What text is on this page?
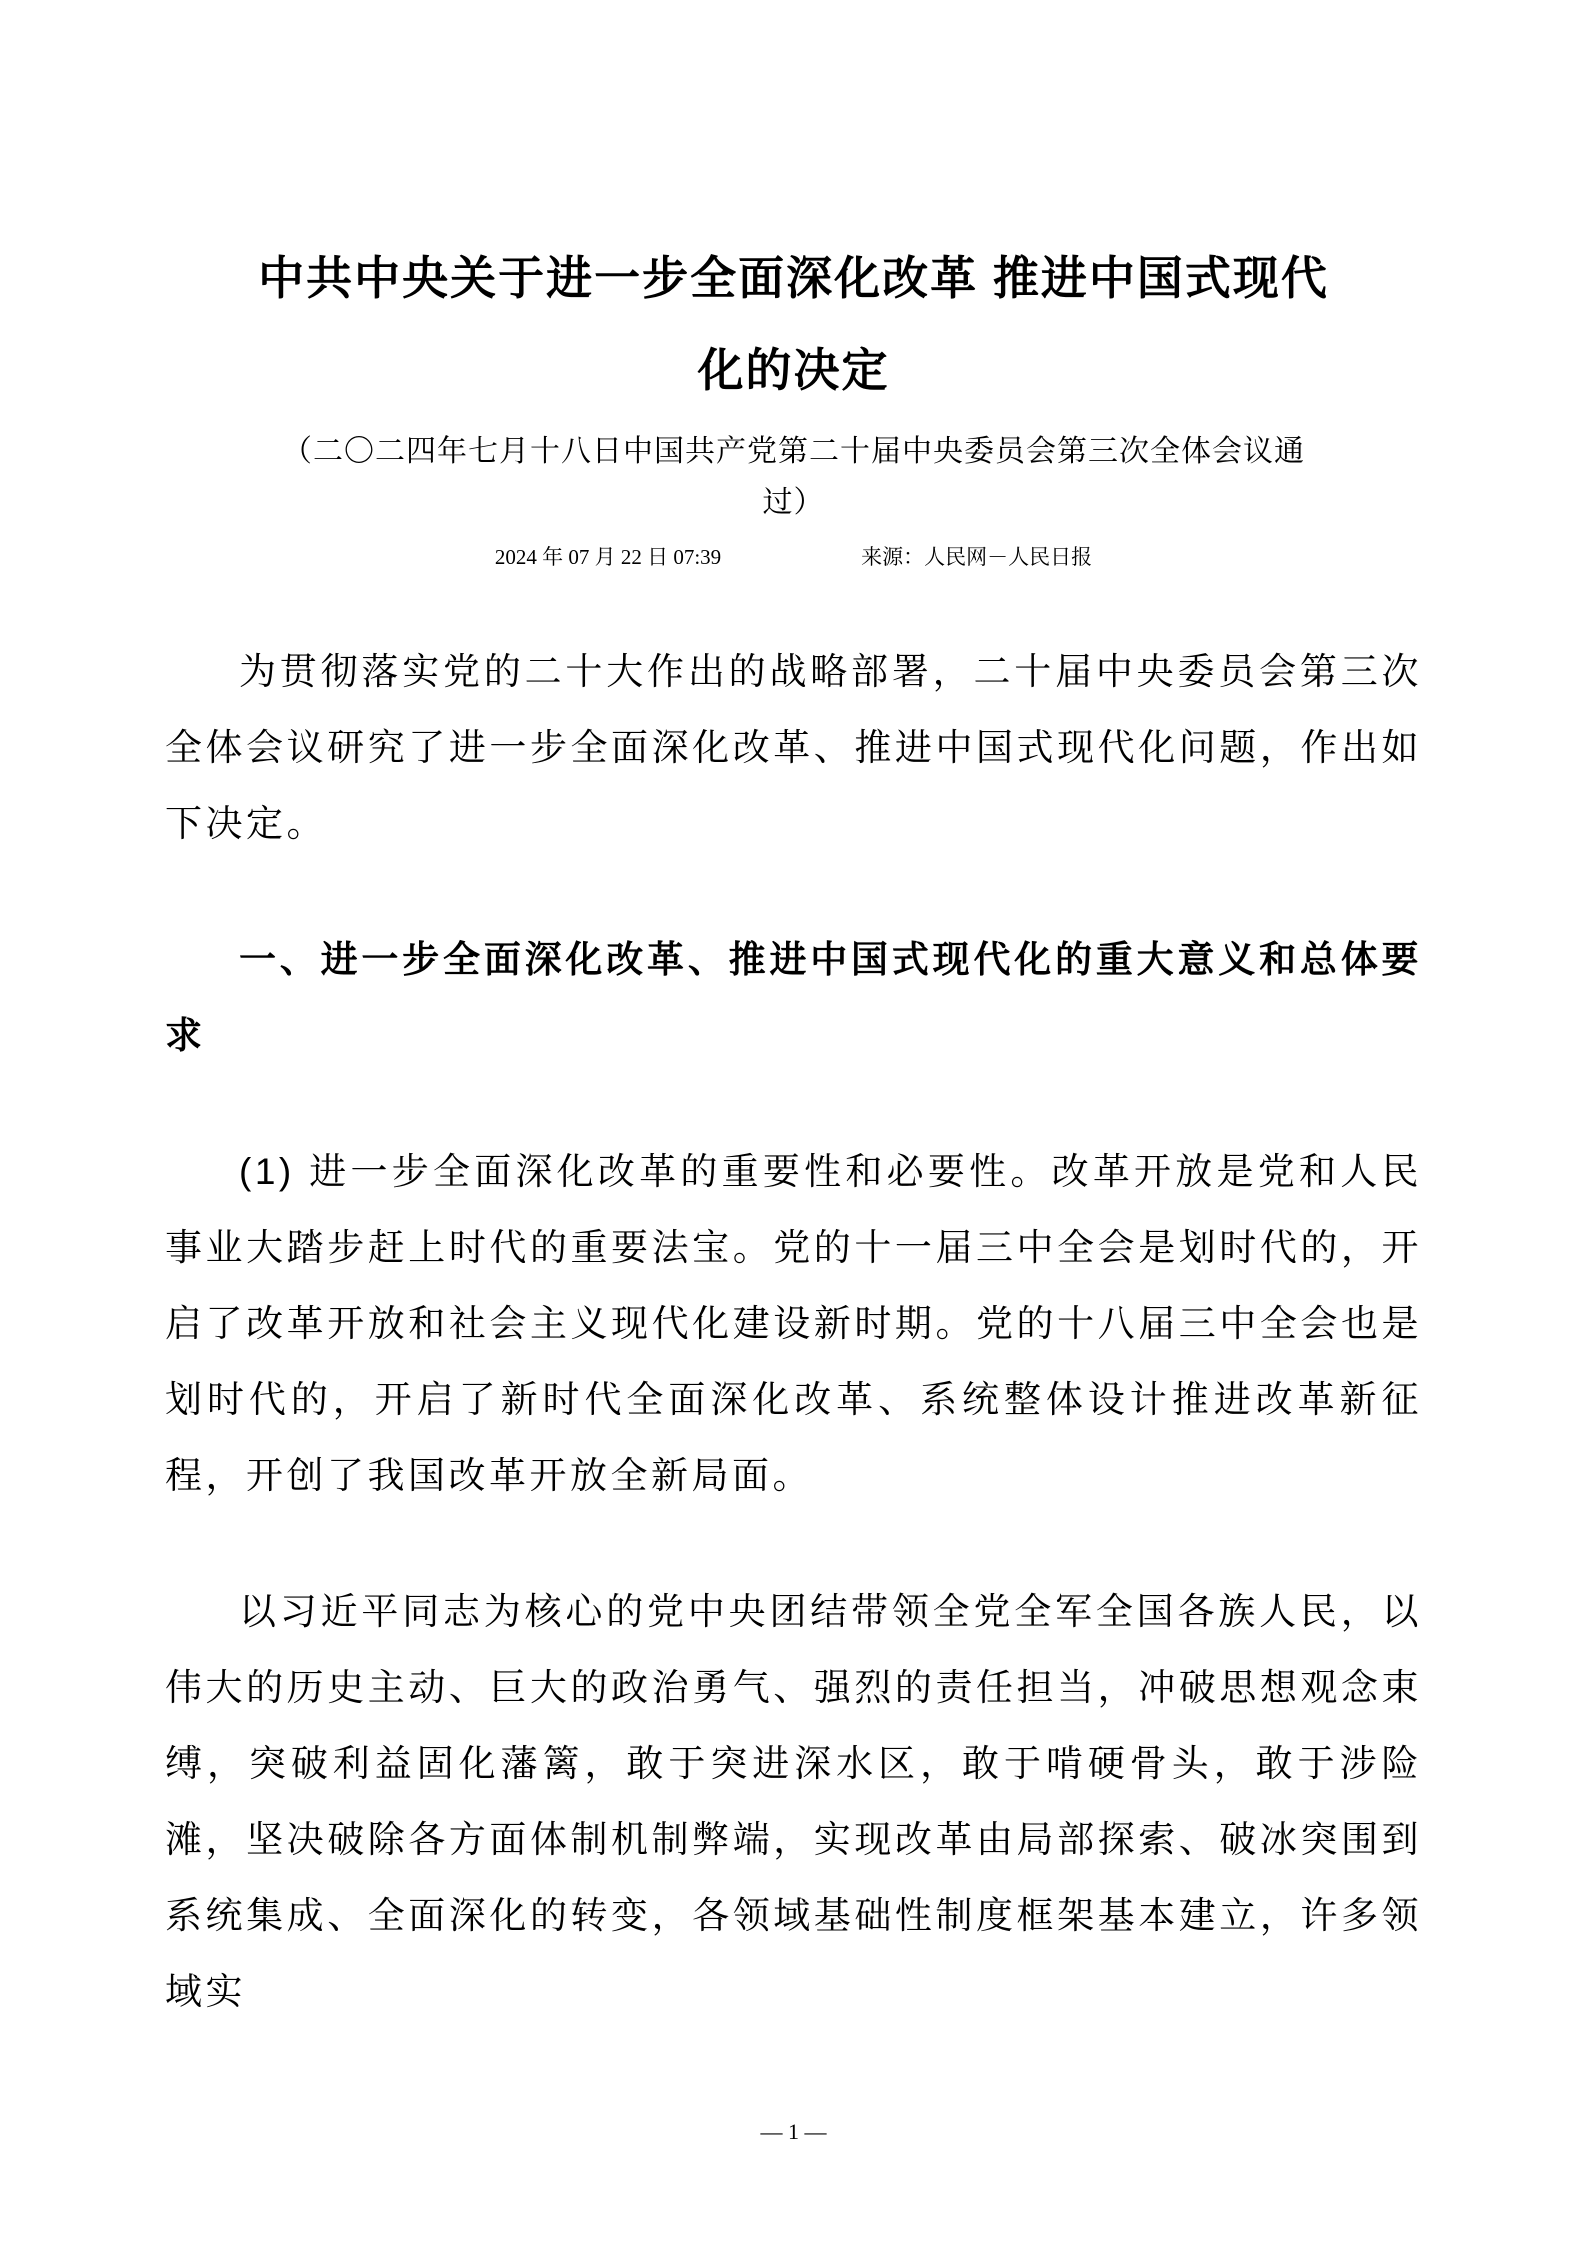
中共中央关于进一步全面深化改革 推进中国式现代
化的决定
（二〇二四年七月十八日中国共产党第二十届中央委员会第三次全体会议通
过）
2024 年 07 月 22 日 07:39	来源：人民网－人民日报

为贯彻落实党的二十大作出的战略部署，二十届中央委员会第三次全体会议研究了进一步全面深化改革、推进中国式现代化问题，作出如下决定。

一、进一步全面深化改革、推进中国式现代化的重大意义和总体要求

(1) 进一步全面深化改革的重要性和必要性。改革开放是党和人民事业大踏步赶上时代的重要法宝。党的十一届三中全会是划时代的，开启了改革开放和社会主义现代化建设新时期。党的十八届三中全会也是划时代的，开启了新时代全面深化改革、系统整体设计推进改革新征程，开创了我国改革开放全新局面。

以习近平同志为核心的党中央团结带领全党全军全国各族人民，以伟大的历史主动、巨大的政治勇气、强烈的责任担当，冲破思想观念束缚，突破利益固化藩篱，敢于突进深水区，敢于啃硬骨头，敢于涉险滩，坚决破除各方面体制机制弊端，实现改革由局部探索、破冰突围到系统集成、全面深化的转变，各领域基础性制度框架基本建立，许多领域实

— 1 —
